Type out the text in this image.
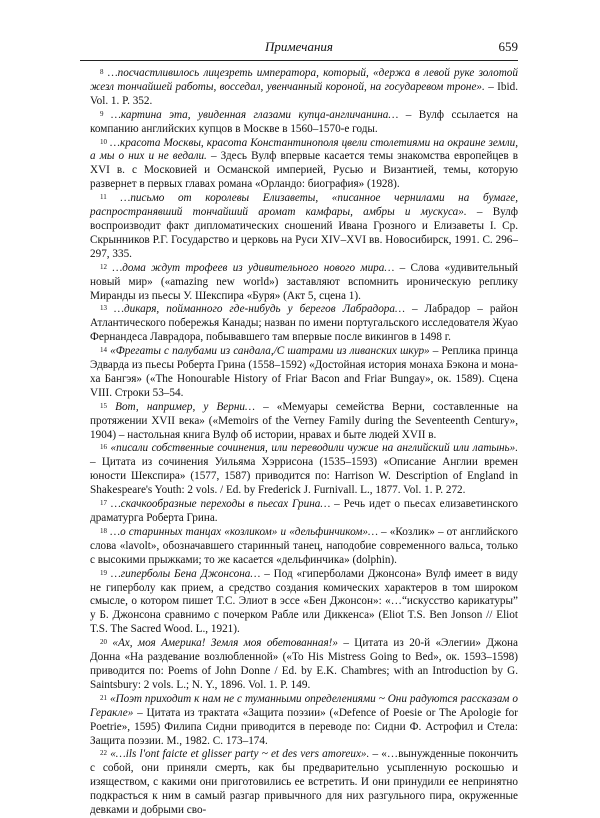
Примечания	659

$^8$ …посчастливилось лицезреть императора, который, «держа в левой руке золотой жезл тончайшей работы, восседал, увенчанный короной, на государевом троне». – Ibid. Vol. 1. P. 352.

$^9$ …картина эта, увиденная глазами купца-англичанина… – Вулф ссылается на компанию английских купцов в Москве в 1560–1570-е годы.

$^{10}$ …красота Москвы, красота Константинополя цвели столетиями на окраине земли, а мы о них и не ведали. – Здесь Вулф впервые касается темы знакомства европейцев в XVI в. с Московией и Османской империей, Русью и Византией, темы, которую развернет в первых главах романа «Орландо: биография» (1928).

$^{11}$ …письмо от королевы Елизаветы, «писанное чернилами на бумаге, распространявший тончайший аромат камфары, амбры и мускуса». – Вулф воспроизводит факт дипломатических сношений Ивана Грозного и Елизаветы I. Ср. Скрынников Р.Г. Государство и церковь на Руси XIV–XVI вв. Новосибирск, 1991. С. 296–297, 335.

$^{12}$ …дома ждут трофеев из удивительного нового мира… – Слова «удивительный новый мир» («amazing new world») заставляют вспомнить ироническую реплику Миранды из пьесы У. Шекспира «Буря» (Акт 5, сцена 1).

$^{13}$ …дикаря, пойманного где-нибудь у берегов Лабрадора… – Лабрадор – район Атлантического побережья Канады; назван по имени португальского исследователя Жуао Фернандеса Лаврадора, побывавшего там впервые после викингов в 1498 г.

$^{14}$ «Фрегаты с палубами из сандала,/С шатрами из ливанских шкур» – Реплика принца Эдварда из пьесы Роберта Грина (1558–1592) «Достойная история монаха Бэкона и монаха Бангэя» («The Honourable History of Friar Bacon and Friar Bungay», ок. 1589). Сцена VIII. Строки 53–54.

$^{15}$ Вот, например, у Верни… – «Мемуары семейства Верни, составленные на протяжении XVII века» («Memoirs of the Verney Family during the Seventeenth Century», 1904) – настольная книга Вулф об истории, нравах и быте людей XVII в.

$^{16}$ «писали собственные сочинения, или переводили чужие на английский или латынь». – Цитата из сочинения Уильяма Хэррисона (1535–1593) «Описание Англии времен юности Шекспира» (1577, 1587) приводится по: Harrison W. Description of England in Shakespeare's Youth: 2 vols. / Ed. by Frederick J. Furnivall. L., 1877. Vol. 1. P. 272.

$^{17}$ …скачкообразные переходы в пьесах Грина… – Речь идет о пьесах елизаветинского драматурга Роберта Грина.

$^{18}$ …о старинных танцах «козликом» и «дельфинчиком»… – «Козлик» – от английского слова «lavolt», обозначавшего старинный танец, наподобие современного вальса, только с высокими прыжками; то же касается «дельфинчика» (dolphin).

$^{19}$ …гиперболы Бена Джонсона… – Под «гиперболами Джонсона» Вулф имеет в виду не гиперболу как прием, а средство создания комических характеров в том широком смысле, о котором пишет Т.С. Элиот в эссе «Бен Джонсон»: «…“искусство карикатуры” у Б. Джонсона сравнимо с почерком Рабле или Диккенса» (Eliot T.S. Ben Jonson // Eliot T.S. The Sacred Wood. L., 1921).

$^{20}$ «Ах, моя Америка! Земля моя обетованная!» – Цитата из 20-й «Элегии» Джона Донна «На раздевание возлюбленной» («To His Mistress Going to Bed», ок. 1593–1598) приводится по: Poems of John Donne / Ed. by E.K. Chambres; with an Introduction by G. Saintsbury: 2 vols. L.; N. Y., 1896. Vol. 1. P. 149.

$^{21}$ «Поэт приходит к нам не с туманными определениями ~ Они радуются рассказам о Геракле» – Цитата из трактата «Защита поэзии» («Defence of Poesie or The Apologie for Poetrie», 1595) Филипа Сидни приводится в переводе по: Сидни Ф. Астрофил и Стела: Защита поэзии. М., 1982. С. 173–174.

$^{22}$ «…ils l'ont faicte et glisser party ~ et des vers amoreux». – «…вынужденные покончить с собой, они приняли смерть, как бы предварительно усыпленную роскошью и изяществом, с какими они приготовились ее встретить. И они принудили ее непринятно подкрасться к ним в самый разгар привычного для них разгульного пира, окруженные девками и добрыми сво-
